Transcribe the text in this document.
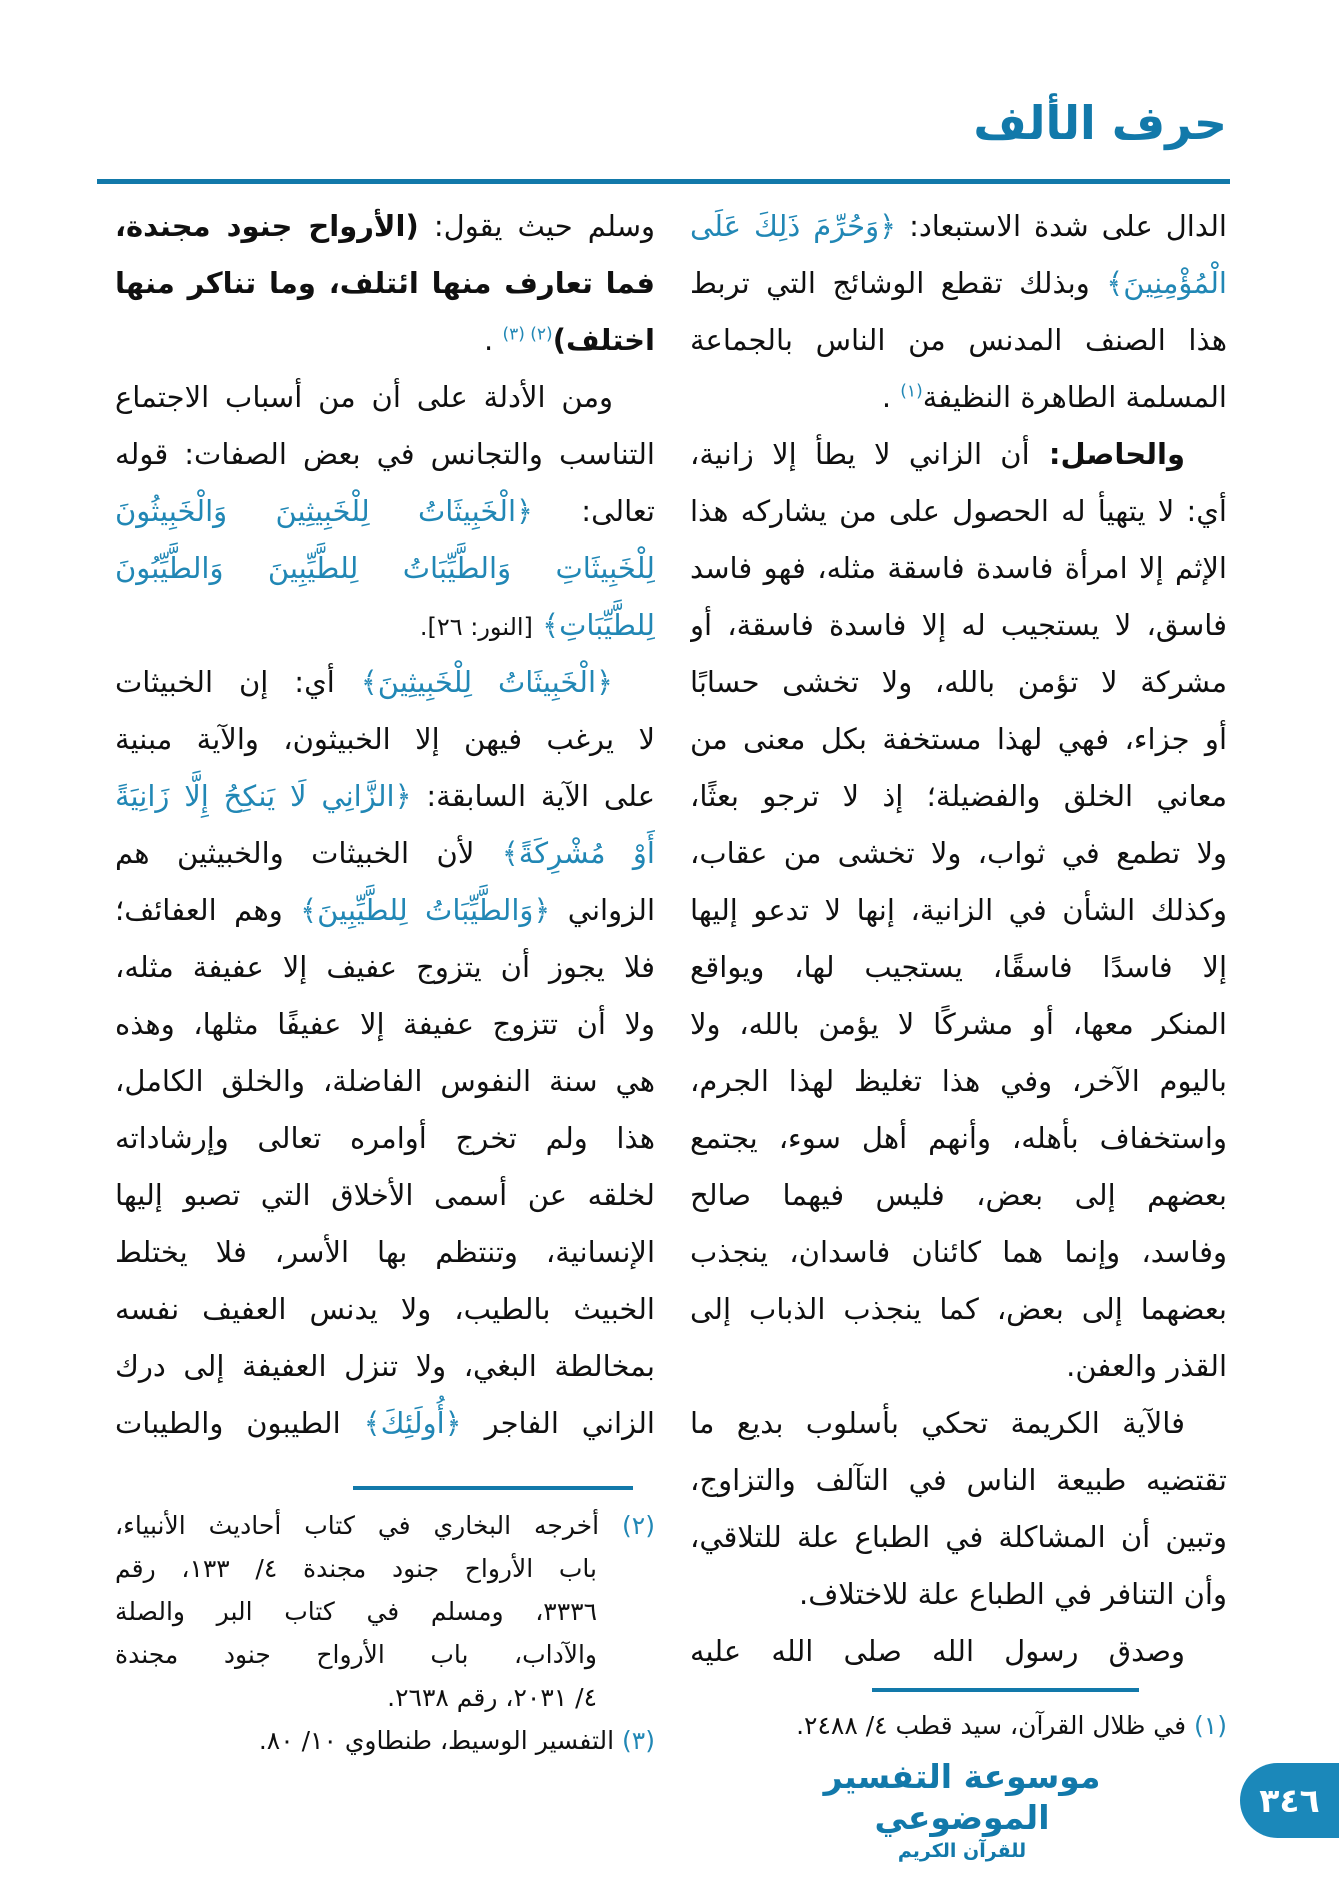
حرف الألف
الدال على شدة الاستبعاد: ﴿وَحُرِّمَ ذَلِكَ عَلَى
الْمُؤْمِنِينَ﴾ وبذلك تقطع الوشائج التي تربط
هذا الصنف المدنس من الناس بالجماعة
المسلمة الطاهرة النظيفة$^{(١)}$ .
والحاصل: أن الزاني لا يطأ إلا زانية،
أي: لا يتهيأ له الحصول على من يشاركه هذا
الإثم إلا امرأة فاسدة فاسقة مثله، فهو فاسد
فاسق، لا يستجيب له إلا فاسدة فاسقة، أو
مشركة لا تؤمن بالله، ولا تخشى حسابًا
أو جزاء، فهي لهذا مستخفة بكل معنى من
معاني الخلق والفضيلة؛ إذ لا ترجو بعثًا،
ولا تطمع في ثواب، ولا تخشى من عقاب،
وكذلك الشأن في الزانية، إنها لا تدعو إليها
إلا فاسدًا فاسقًا، يستجيب لها، ويواقع
المنكر معها، أو مشركًا لا يؤمن بالله، ولا
باليوم الآخر، وفي هذا تغليظ لهذا الجرم،
واستخفاف بأهله، وأنهم أهل سوء، يجتمع
بعضهم إلى بعض، فليس فيهما صالح
وفاسد، وإنما هما كائنان فاسدان، ينجذب
بعضهما إلى بعض، كما ينجذب الذباب إلى
القذر والعفن.
فالآية الكريمة تحكي بأسلوب بديع ما
تقتضيه طبيعة الناس في التآلف والتزاوج،
وتبين أن المشاكلة في الطباع علة للتلاقي،
وأن التنافر في الطباع علة للاختلاف.
وصدق رسول الله صلى الله عليه
(١) في ظلال القرآن، سيد قطب ٤/ ٢٤٨٨.
وسلم حيث يقول: (الأرواح جنود مجندة،
فما تعارف منها ائتلف، وما تناكر منها
اختلف)$^{(٢) (٣)}$ .
ومن الأدلة على أن من أسباب الاجتماع
التناسب والتجانس في بعض الصفات: قوله
تعالى: ﴿الْخَبِيثَاتُ لِلْخَبِيثِينَ وَالْخَبِيثُونَ
لِلْخَبِيثَاتِ وَالطَّيِّبَاتُ لِلطَّيِّبِينَ وَالطَّيِّبُونَ
لِلطَّيِّبَاتِ﴾ [النور: ٢٦].
﴿الْخَبِيثَاتُ لِلْخَبِيثِينَ﴾ أي: إن الخبيثات
لا يرغب فيهن إلا الخبيثون، والآية مبنية
على الآية السابقة: ﴿الزَّانِي لَا يَنكِحُ إِلَّا زَانِيَةً
أَوْ مُشْرِكَةً﴾ لأن الخبيثات والخبيثين هم
الزواني ﴿وَالطَّيِّبَاتُ لِلطَّيِّبِينَ﴾ وهم العفائف؛
فلا يجوز أن يتزوج عفيف إلا عفيفة مثله،
ولا أن تتزوج عفيفة إلا عفيفًا مثلها، وهذه
هي سنة النفوس الفاضلة، والخلق الكامل،
هذا ولم تخرج أوامره تعالى وإرشاداته
لخلقه عن أسمى الأخلاق التي تصبو إليها
الإنسانية، وتنتظم بها الأسر، فلا يختلط
الخبيث بالطيب، ولا يدنس العفيف نفسه
بمخالطة البغي، ولا تنزل العفيفة إلى درك
الزاني الفاجر ﴿أُولَئِكَ﴾ الطيبون والطيبات
(٢) أخرجه البخاري في كتاب أحاديث الأنبياء،
باب الأرواح جنود مجندة ٤/ ١٣٣، رقم
٣٣٣٦، ومسلم في كتاب البر والصلة
والآداب، باب الأرواح جنود مجندة
٤/ ٢٠٣١، رقم ٢٦٣٨.
(٣) التفسير الوسيط، طنطاوي ١٠/ ٨٠.
موسوعة التفسير الموضوعي
للقرآن الكريم
٣٤٦
